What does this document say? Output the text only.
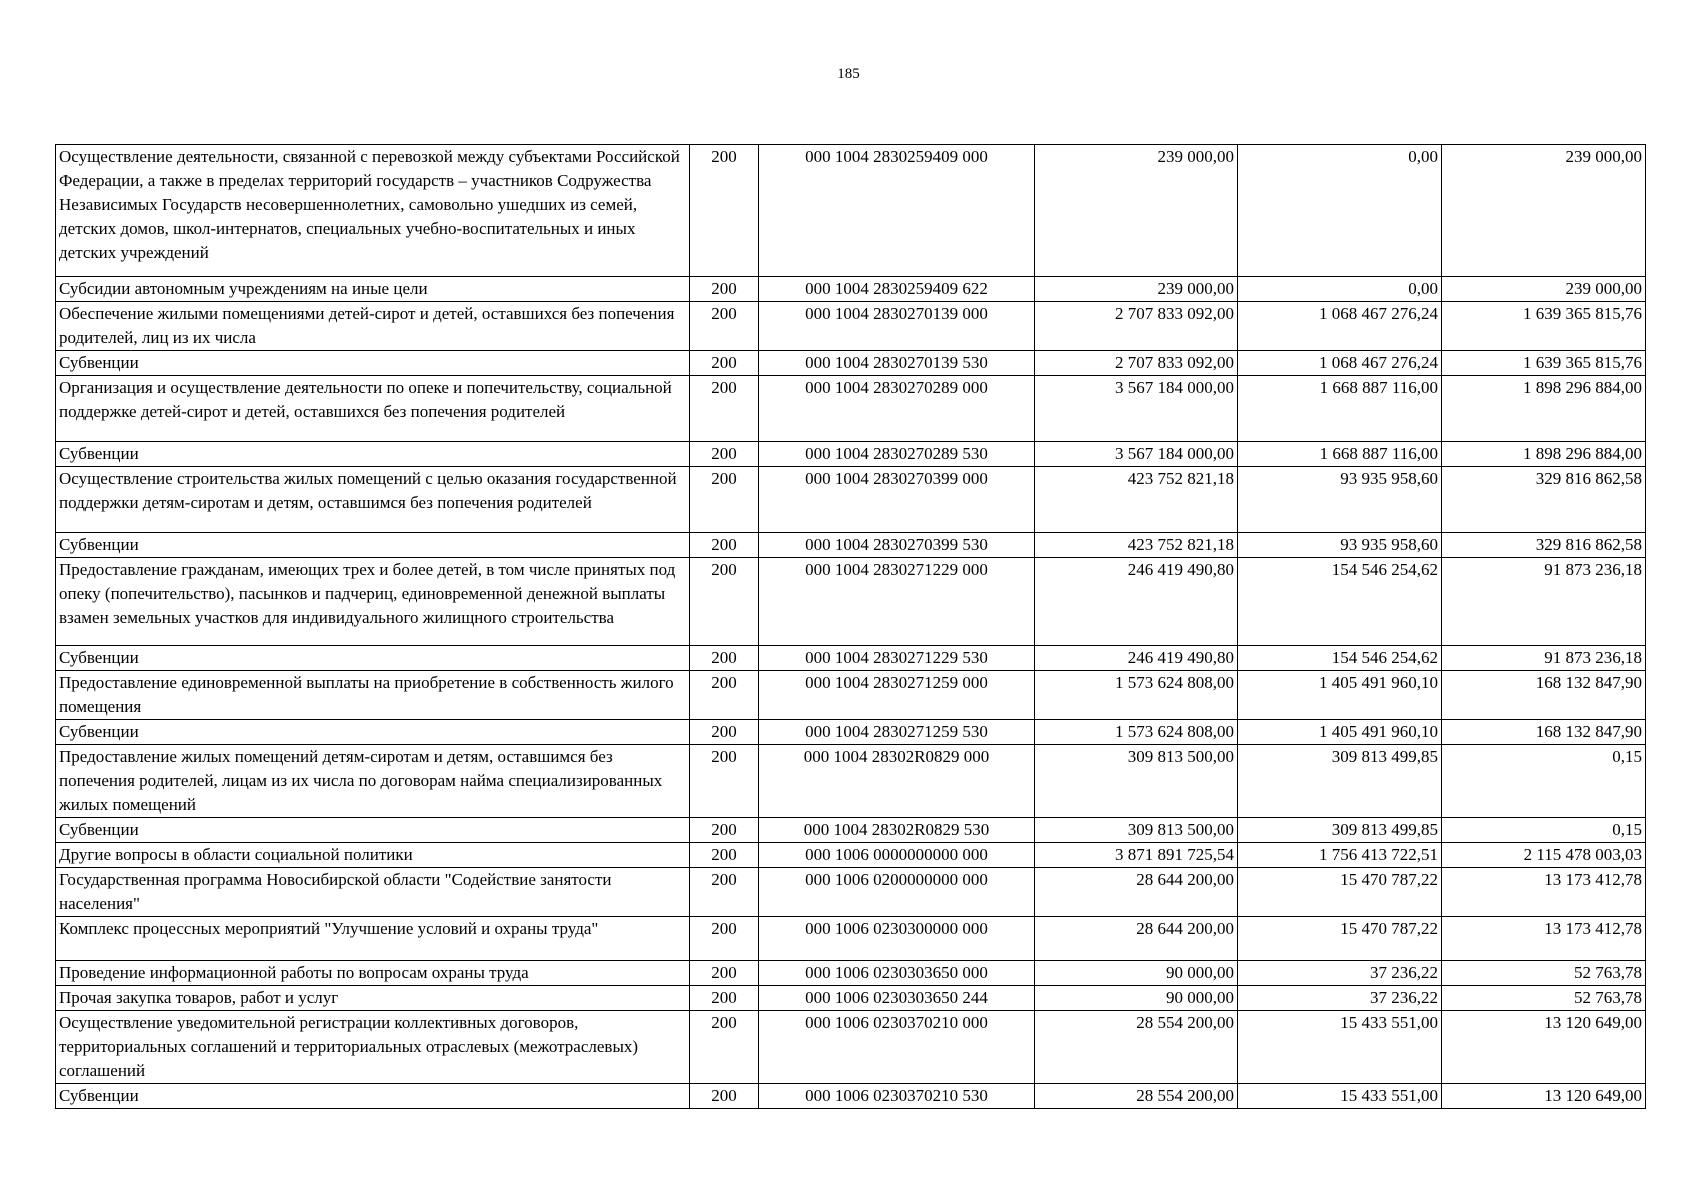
185
Осуществление деятельности, связанной с перевозкой между субъектами Российской Федерации, а также в пределах территорий государств – участников Содружества Независимых Государств несовершеннолетних, самовольно ушедших из семей, детских домов, школ-интернатов, специальных учебно-воспитательных и иных детских учреждений	200	000 1004 2830259409 000	239 000,00	0,00	239 000,00
Субсидии автономным учреждениям на иные цели	200	000 1004 2830259409 622	239 000,00	0,00	239 000,00
Обеспечение жилыми помещениями детей-сирот и детей, оставшихся без попечения родителей, лиц из их числа	200	000 1004 2830270139 000	2 707 833 092,00	1 068 467 276,24	1 639 365 815,76
Субвенции	200	000 1004 2830270139 530	2 707 833 092,00	1 068 467 276,24	1 639 365 815,76
Организация и осуществление деятельности по опеке и попечительству, социальной поддержке детей-сирот и детей, оставшихся без попечения родителей	200	000 1004 2830270289 000	3 567 184 000,00	1 668 887 116,00	1 898 296 884,00
Субвенции	200	000 1004 2830270289 530	3 567 184 000,00	1 668 887 116,00	1 898 296 884,00
Осуществление строительства жилых помещений с целью оказания государственной поддержки детям-сиротам и детям, оставшимся без попечения родителей	200	000 1004 2830270399 000	423 752 821,18	93 935 958,60	329 816 862,58
Субвенции	200	000 1004 2830270399 530	423 752 821,18	93 935 958,60	329 816 862,58
Предоставление гражданам, имеющих трех и более детей, в том числе принятых под опеку (попечительство), пасынков и падчериц, единовременной денежной выплаты взамен земельных участков для индивидуального жилищного строительства	200	000 1004 2830271229 000	246 419 490,80	154 546 254,62	91 873 236,18
Субвенции	200	000 1004 2830271229 530	246 419 490,80	154 546 254,62	91 873 236,18
Предоставление единовременной выплаты на приобретение в собственность жилого помещения	200	000 1004 2830271259 000	1 573 624 808,00	1 405 491 960,10	168 132 847,90
Субвенции	200	000 1004 2830271259 530	1 573 624 808,00	1 405 491 960,10	168 132 847,90
Предоставление жилых помещений детям-сиротам и детям, оставшимся без попечения родителей, лицам из их числа по договорам найма специализированных жилых помещений	200	000 1004 28302R0829 000	309 813 500,00	309 813 499,85	0,15
Субвенции	200	000 1004 28302R0829 530	309 813 500,00	309 813 499,85	0,15
Другие вопросы в области социальной политики	200	000 1006 0000000000 000	3 871 891 725,54	1 756 413 722,51	2 115 478 003,03
Государственная программа Новосибирской области "Содействие занятости населения"	200	000 1006 0200000000 000	28 644 200,00	15 470 787,22	13 173 412,78
Комплекс процессных мероприятий "Улучшение условий и охраны труда"	200	000 1006 0230300000 000	28 644 200,00	15 470 787,22	13 173 412,78
Проведение информационной работы по вопросам охраны труда	200	000 1006 0230303650 000	90 000,00	37 236,22	52 763,78
Прочая закупка товаров, работ и услуг	200	000 1006 0230303650 244	90 000,00	37 236,22	52 763,78
Осуществление уведомительной регистрации коллективных договоров, территориальных соглашений и территориальных отраслевых (межотраслевых) соглашений	200	000 1006 0230370210 000	28 554 200,00	15 433 551,00	13 120 649,00
Субвенции	200	000 1006 0230370210 530	28 554 200,00	15 433 551,00	13 120 649,00
